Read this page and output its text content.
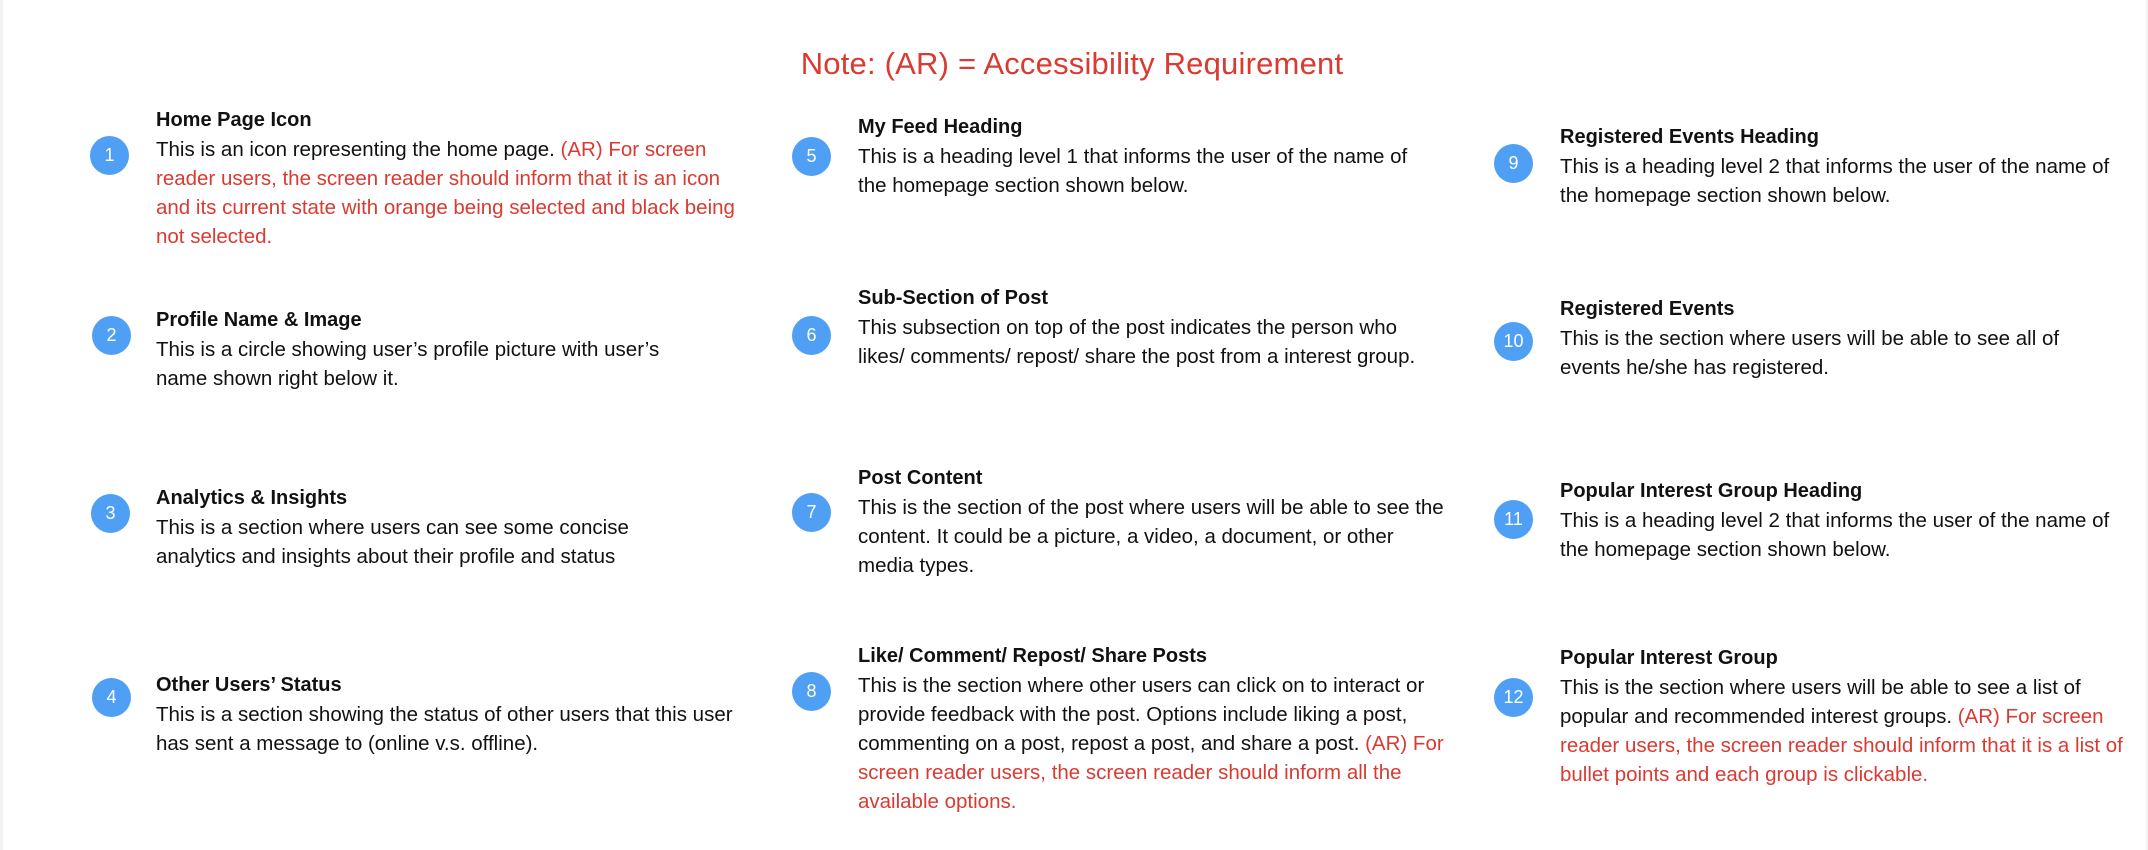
Note: (AR) = Accessibility Requirement
1
Home Page Icon
This is an icon representing the home page. (AR) For screen reader users, the screen reader should inform that it is an icon and its current state with orange being selected and black being not selected.
2
Profile Name & Image
This is a circle showing user’s profile picture with user’s name shown right below it.
3
Analytics & Insights
This is a section where users can see some concise analytics and insights about their profile and status
4
Other Users’ Status
This is a section showing the status of other users that this user has sent a message to (online v.s. offline).
5
My Feed Heading
This is a heading level 1 that informs the user of the name of the homepage section shown below.
6
Sub-Section of Post
This subsection on top of the post indicates the person who likes/ comments/ repost/ share the post from a interest group.
7
Post Content
This is the section of the post where users will be able to see the content. It could be a picture, a video, a document, or other media types.
8
Like/ Comment/ Repost/ Share Posts
This is the section where other users can click on to interact or provide feedback with the post. Options include liking a post, commenting on a post, repost a post, and share a post. (AR) For screen reader users, the screen reader should inform all the available options.
9
Registered Events Heading
This is a heading level 2 that informs the user of the name of the homepage section shown below.
10
Registered Events
This is the section where users will be able to see all of events he/she has registered.
11
Popular Interest Group Heading
This is a heading level 2 that informs the user of the name of the homepage section shown below.
12
Popular Interest Group
This is the section where users will be able to see a list of popular and recommended interest groups. (AR) For screen reader users, the screen reader should inform that it is a list of bullet points and each group is clickable.
